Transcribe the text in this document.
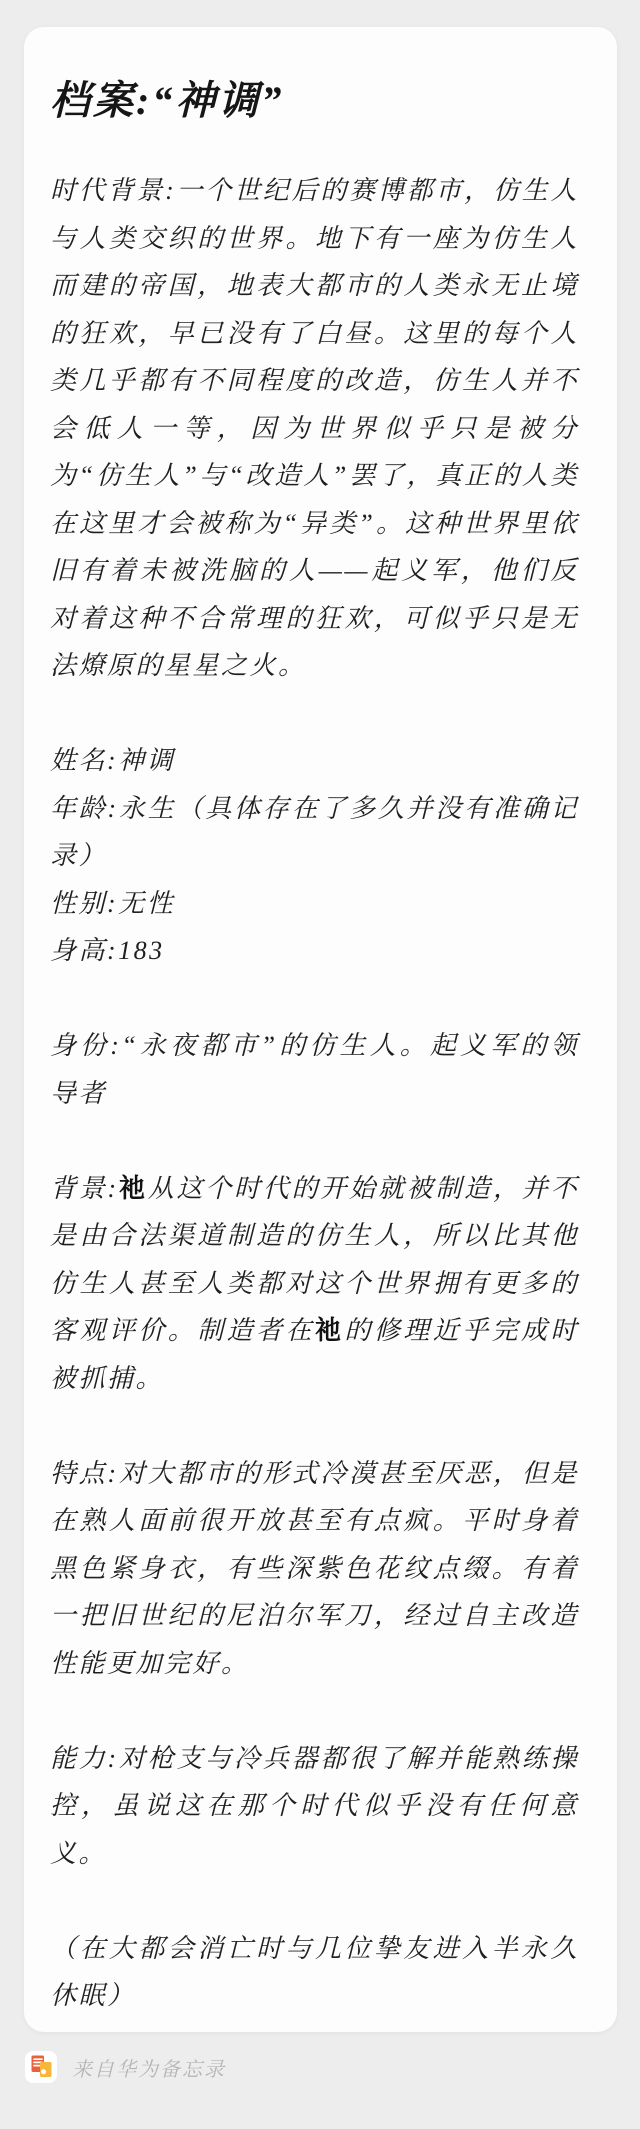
档案:“神调”

时代背景:一个世纪后的赛博都市，仿生人与人类交织的世界。地下有一座为仿生人而建的帝国，地表大都市的人类永无止境的狂欢，早已没有了白昼。这里的每个人类几乎都有不同程度的改造，仿生人并不会低人一等，因为世界似乎只是被分为“仿生人”与“改造人”罢了，真正的人类在这里才会被称为“异类”。这种世界里依旧有着未被洗脑的人——起义军，他们反对着这种不合常理的狂欢，可似乎只是无法燎原的星星之火。

姓名:神调

年龄:永生（具体存在了多久并没有准确记录）

性别:无性

身高:183

身份:“永夜都市”的仿生人。起义军的领导者

背景:祂从这个时代的开始就被制造，并不是由合法渠道制造的仿生人，所以比其他仿生人甚至人类都对这个世界拥有更多的客观评价。制造者在祂的修理近乎完成时被抓捕。

特点:对大都市的形式冷漠甚至厌恶，但是在熟人面前很开放甚至有点疯。平时身着黑色紧身衣，有些深紫色花纹点缀。有着一把旧世纪的尼泊尔军刀，经过自主改造性能更加完好。

能力:对枪支与冷兵器都很了解并能熟练操控，虽说这在那个时代似乎没有任何意义。

（在大都会消亡时与几位挚友进入半永久休眠）

来自华为备忘录
